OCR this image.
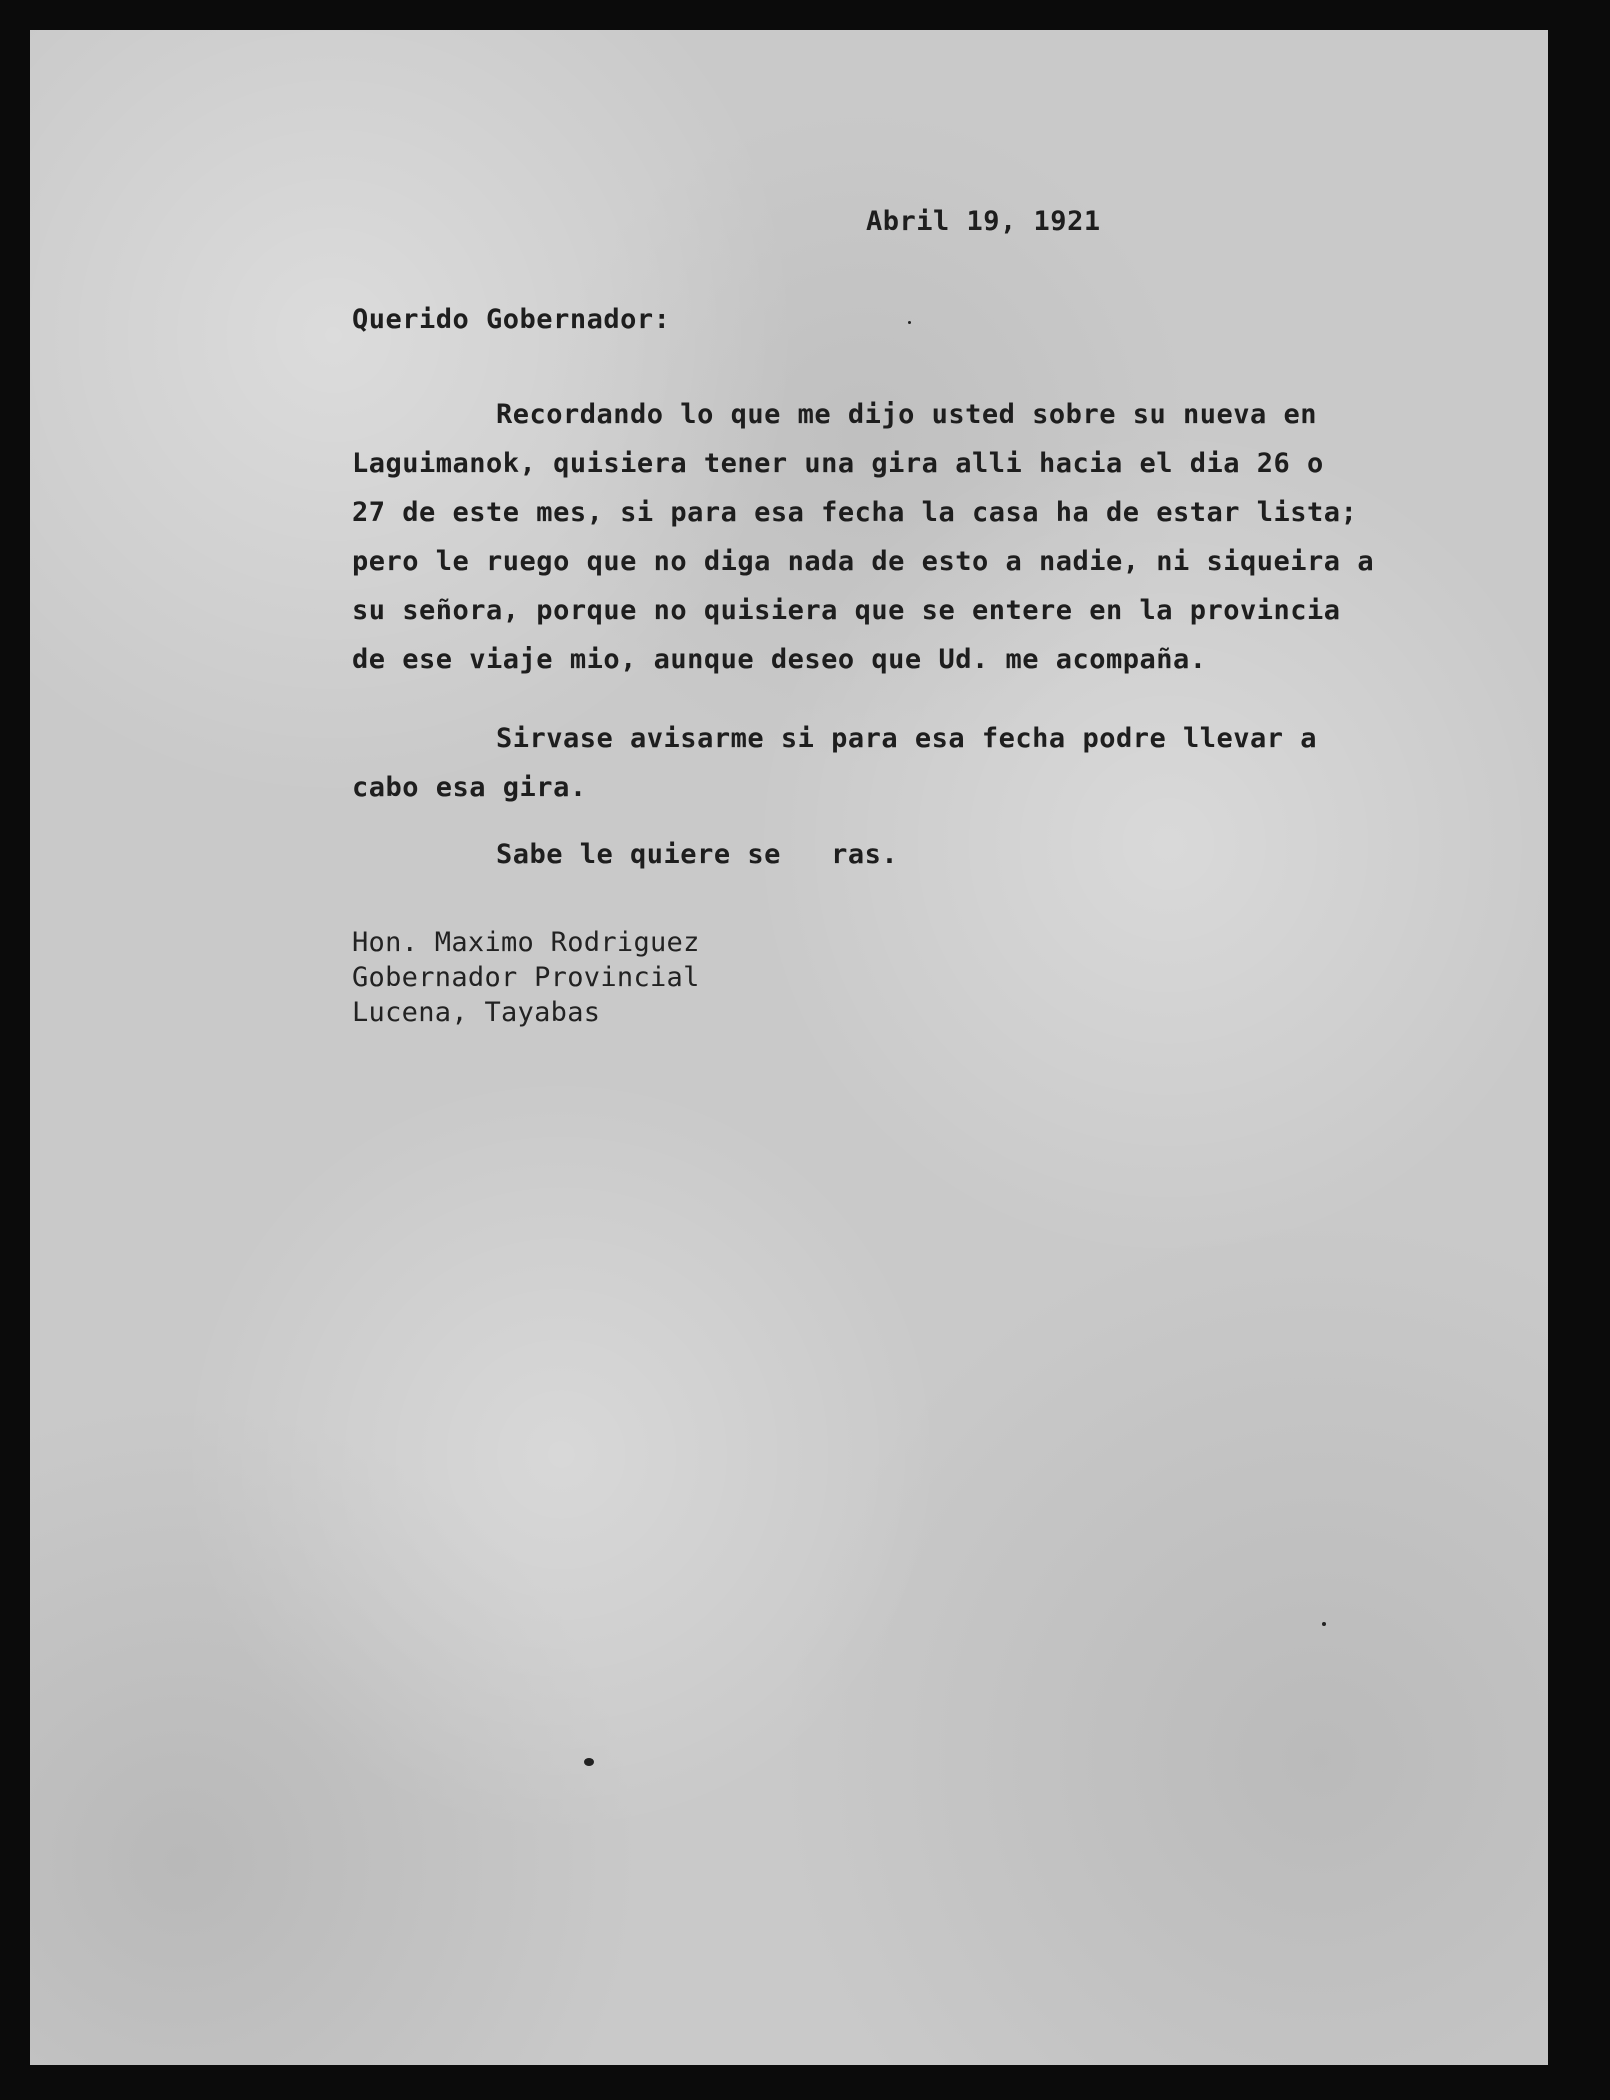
Abril 19, 1921
Querido Gobernador:
Recordando lo que me dijo usted sobre su nueva en
Laguimanok, quisiera tener una gira alli hacia el dia 26 o
27 de este mes, si para esa fecha la casa ha de estar lista;
pero le ruego que no diga nada de esto a nadie, ni siqueira a
su señora, porque no quisiera que se entere en la provincia
de ese viaje mio, aunque deseo que Ud. me acompaña.
Sirvase avisarme si para esa fecha podre llevar a
cabo esa gira.
Sabe le quiere se   ras.
Hon. Maximo Rodriguez
Gobernador Provincial
Lucena, Tayabas
